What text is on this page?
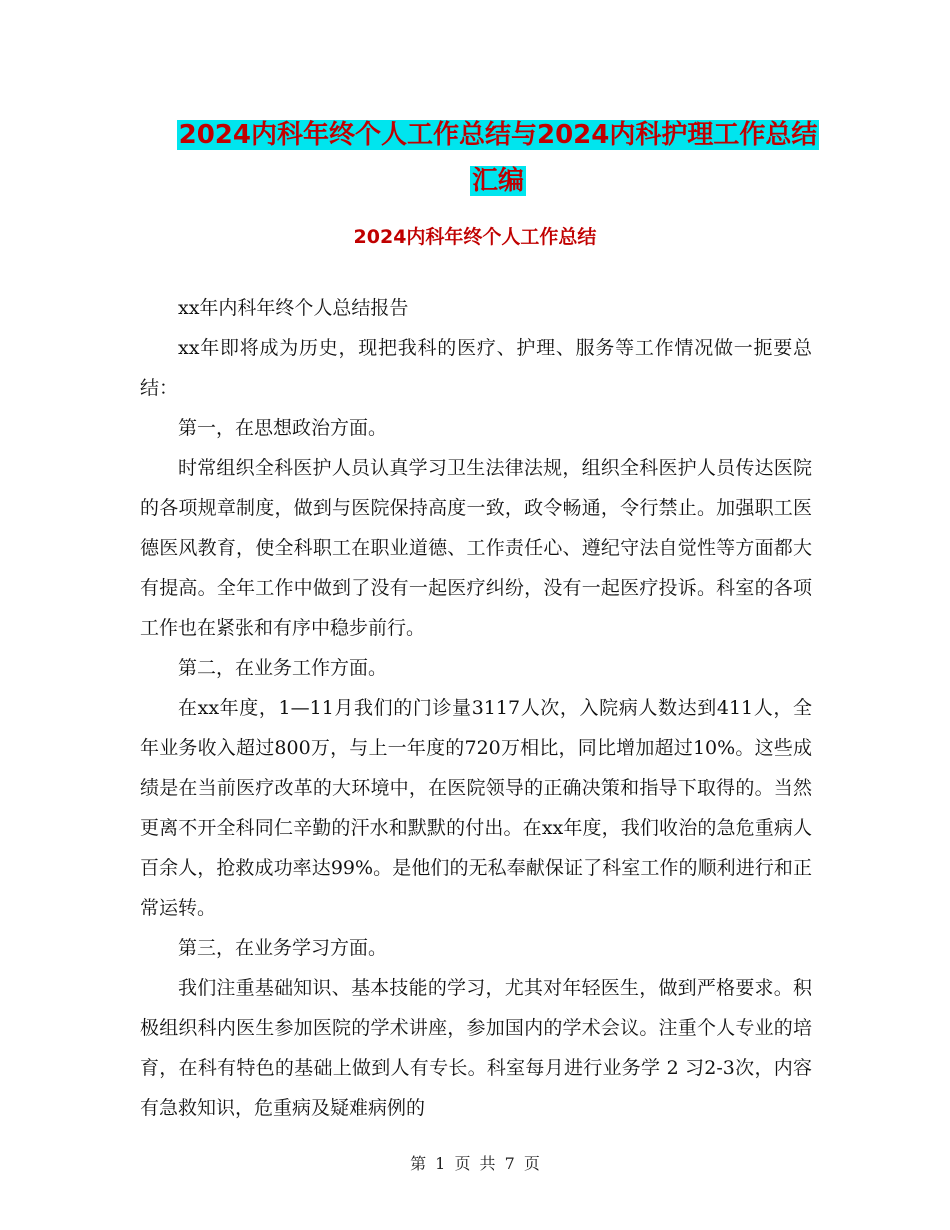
2024内科年终个人工作总结与2024内科护理工作总结
汇编
2024内科年终个人工作总结

xx年内科年终个人总结报告

xx年即将成为历史，现把我科的医疗、护理、服务等工作情况做一扼要总结：

第一，在思想政治方面。

时常组织全科医护人员认真学习卫生法律法规，组织全科医护人员传达医院的各项规章制度，做到与医院保持高度一致，政令畅通，令行禁止。加强职工医德医风教育，使全科职工在职业道德、工作责任心、遵纪守法自觉性等方面都大有提高。全年工作中做到了没有一起医疗纠纷，没有一起医疗投诉。科室的各项工作也在紧张和有序中稳步前行。

第二，在业务工作方面。

在xx年度，1—11月我们的门诊量3117人次，入院病人数达到411人，全年业务收入超过800万，与上一年度的720万相比，同比增加超过10%。这些成绩是在当前医疗改革的大环境中，在医院领导的正确决策和指导下取得的。当然更离不开全科同仁辛勤的汗水和默默的付出。在xx年度，我们收治的急危重病人百余人，抢救成功率达99%。是他们的无私奉献保证了科室工作的顺利进行和正常运转。

第三，在业务学习方面。

我们注重基础知识、基本技能的学习，尤其对年轻医生，做到严格要求。积极组织科内医生参加医院的学术讲座，参加国内的学术会议。注重个人专业的培育，在科有特色的基础上做到人有专长。科室每月进行业务学 2 习2-3次，内容有急救知识，危重病及疑难病例的

第 1 页 共 7 页
